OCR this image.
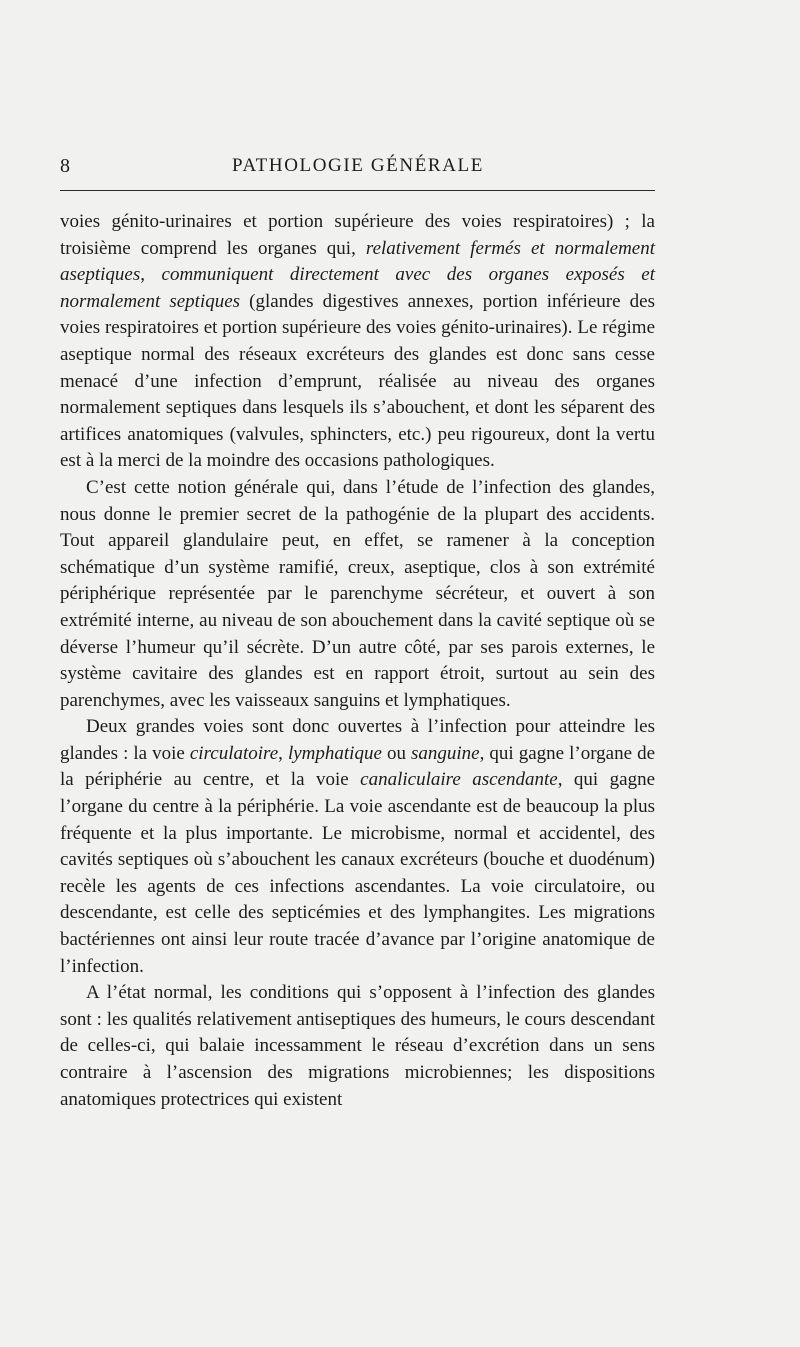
8	PATHOLOGIE GÉNÉRALE

voies génito-urinaires et portion supérieure des voies respiratoires) ; la troisième comprend les organes qui, relativement fermés et normalement aseptiques, communiquent directement avec des organes exposés et normalement septiques (glandes digestives annexes, portion inférieure des voies respiratoires et portion supérieure des voies génito-urinaires). Le régime aseptique normal des réseaux excréteurs des glandes est donc sans cesse menacé d’une infection d’emprunt, réalisée au niveau des organes normalement septiques dans lesquels ils s’abouchent, et dont les séparent des artifices anatomiques (valvules, sphincters, etc.) peu rigoureux, dont la vertu est à la merci de la moindre des occasions pathologiques.

C’est cette notion générale qui, dans l’étude de l’infection des glandes, nous donne le premier secret de la pathogénie de la plupart des accidents. Tout appareil glandulaire peut, en effet, se ramener à la conception schématique d’un système ramifié, creux, aseptique, clos à son extrémité périphérique représentée par le parenchyme sécréteur, et ouvert à son extrémité interne, au niveau de son abouchement dans la cavité septique où se déverse l’humeur qu’il sécrète. D’un autre côté, par ses parois externes, le système cavitaire des glandes est en rapport étroit, surtout au sein des parenchymes, avec les vaisseaux sanguins et lymphatiques.

Deux grandes voies sont donc ouvertes à l’infection pour atteindre les glandes : la voie circulatoire, lymphatique ou sanguine, qui gagne l’organe de la périphérie au centre, et la voie canaliculaire ascendante, qui gagne l’organe du centre à la périphérie. La voie ascendante est de beaucoup la plus fréquente et la plus importante. Le microbisme, normal et accidentel, des cavités septiques où s’abouchent les canaux excréteurs (bouche et duodénum) recèle les agents de ces infections ascendantes. La voie circulatoire, ou descendante, est celle des septicémies et des lymphangites. Les migrations bactériennes ont ainsi leur route tracée d’avance par l’origine anatomique de l’infection.

A l’état normal, les conditions qui s’opposent à l’infection des glandes sont : les qualités relativement antiseptiques des humeurs, le cours descendant de celles-ci, qui balaie incessamment le réseau d’excrétion dans un sens contraire à l’ascension des migrations microbiennes; les dispositions anatomiques protectrices qui existent
